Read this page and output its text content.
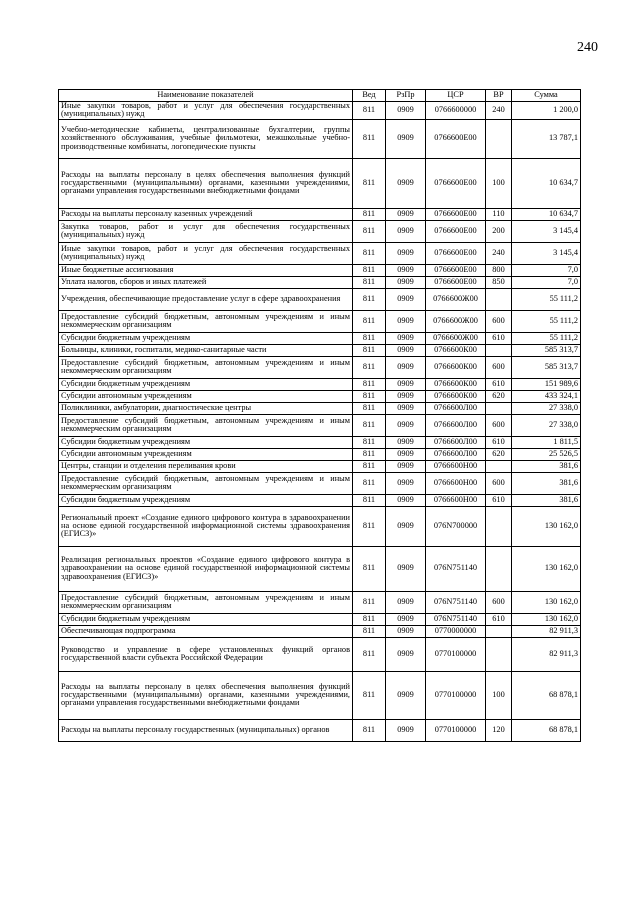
240
Наименование показателей	Вед	РзПр	ЦСР	ВР	Сумма
Иные закупки товаров, работ и услуг для обеспечения государственных (муниципальных) нужд	811	0909	0766600000	240	1 200,0
Учебно-методические кабинеты, централизованные бухгалтерии, группы хозяйственного обслуживания, учебные фильмотеки, межшкольные учебно-производственные комбинаты, логопедические пункты	811	0909	0766600Е00		13 787,1
Расходы на выплаты персоналу в целях обеспечения выполнения функций государственными (муниципальными) органами, казенными учреждениями, органами управления государственными внебюджетными фондами	811	0909	0766600Е00	100	10 634,7
Расходы на выплаты персоналу казенных учреждений	811	0909	0766600Е00	110	10 634,7
Закупка товаров, работ и услуг для обеспечения государственных (муниципальных) нужд	811	0909	0766600Е00	200	3 145,4
Иные закупки товаров, работ и услуг для обеспечения государственных (муниципальных) нужд	811	0909	0766600Е00	240	3 145,4
Иные бюджетные ассигнования	811	0909	0766600Е00	800	7,0
Уплата налогов, сборов и иных платежей	811	0909	0766600Е00	850	7,0
Учреждения, обеспечивающие предоставление услуг в сфере здравоохранения	811	0909	0766600Ж00		55 111,2
Предоставление субсидий бюджетным, автономным учреждениям и иным некоммерческим организациям	811	0909	0766600Ж00	600	55 111,2
Субсидии бюджетным учреждениям	811	0909	0766600Ж00	610	55 111,2
Больницы, клиники, госпитали, медико-санитарные части	811	0909	0766600К00		585 313,7
Предоставление субсидий бюджетным, автономным учреждениям и иным некоммерческим организациям	811	0909	0766600К00	600	585 313,7
Субсидии бюджетным учреждениям	811	0909	0766600К00	610	151 989,6
Субсидии автономным учреждениям	811	0909	0766600К00	620	433 324,1
Поликлиники, амбулатории, диагностические центры	811	0909	0766600Л00		27 338,0
Предоставление субсидий бюджетным, автономным учреждениям и иным некоммерческим организациям	811	0909	0766600Л00	600	27 338,0
Субсидии бюджетным учреждениям	811	0909	0766600Л00	610	1 811,5
Субсидии автономным учреждениям	811	0909	0766600Л00	620	25 526,5
Центры, станции и отделения переливания крови	811	0909	0766600Н00		381,6
Предоставление субсидий бюджетным, автономным учреждениям и иным некоммерческим организациям	811	0909	0766600Н00	600	381,6
Субсидии бюджетным учреждениям	811	0909	0766600Н00	610	381,6
Региональный проект «Создание единого цифрового контура в здравоохранении на основе единой государственной информационной системы здравоохранения (ЕГИСЗ)»	811	0909	076N700000		130 162,0
Реализация региональных проектов «Создание единого цифрового контура в здравоохранении на основе единой государственной информационной системы здравоохранения (ЕГИСЗ)»	811	0909	076N751140		130 162,0
Предоставление субсидий бюджетным, автономным учреждениям и иным некоммерческим организациям	811	0909	076N751140	600	130 162,0
Субсидии бюджетным учреждениям	811	0909	076N751140	610	130 162,0
Обеспечивающая подпрограмма	811	0909	0770000000		82 911,3
Руководство и управление в сфере установленных функций органов государственной власти субъекта Российской Федерации	811	0909	0770100000		82 911,3
Расходы на выплаты персоналу в целях обеспечения выполнения функций государственными (муниципальными) органами, казенными учреждениями, органами управления государственными внебюджетными фондами	811	0909	0770100000	100	68 878,1
Расходы на выплаты персоналу государственных (муниципальных) органов	811	0909	0770100000	120	68 878,1
